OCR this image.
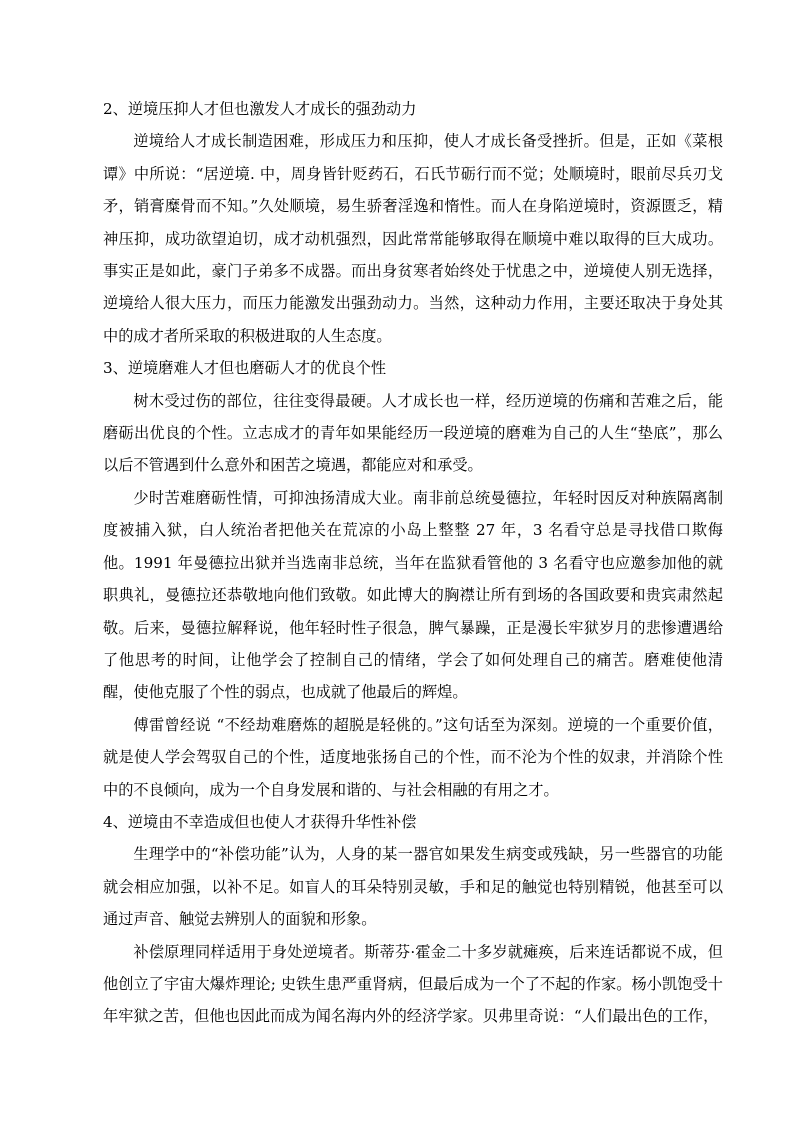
2、逆境压抑人才但也激发人才成长的强劲动力

逆境给人才成长制造困难，形成压力和压抑，使人才成长备受挫折。但是，正如《菜根谭》中所说：“居逆境. 中，周身皆针贬药石，石氏节砺行而不觉；处顺境时，眼前尽兵刃戈矛，销膏糜骨而不知。”久处顺境，易生骄奢淫逸和惰性。而人在身陷逆境时，资源匮乏，精神压抑，成功欲望迫切，成才动机强烈，因此常常能够取得在顺境中难以取得的巨大成功。事实正是如此，豪门子弟多不成器。而出身贫寒者始终处于忧患之中，逆境使人别无选择，逆境给人很大压力，而压力能激发出强劲动力。当然，这种动力作用，主要还取决于身处其中的成才者所采取的积极进取的人生态度。

3、逆境磨难人才但也磨砺人才的优良个性

树木受过伤的部位，往往变得最硬。人才成长也一样，经历逆境的伤痛和苦难之后，能磨砺出优良的个性。立志成才的青年如果能经历一段逆境的磨难为自己的人生“垫底”，那么以后不管遇到什么意外和困苦之境遇，都能应对和承受。

少时苦难磨砺性情，可抑浊扬清成大业。南非前总统曼德拉，年轻时因反对种族隔离制度被捕入狱，白人统治者把他关在荒凉的小岛上整整 27 年，3 名看守总是寻找借口欺侮他。1991 年曼德拉出狱并当选南非总统，当年在监狱看管他的 3 名看守也应邀参加他的就职典礼，曼德拉还恭敬地向他们致敬。如此博大的胸襟让所有到场的各国政要和贵宾肃然起敬。后来，曼德拉解释说，他年轻时性子很急，脾气暴躁，正是漫长牢狱岁月的悲惨遭遇给了他思考的时间，让他学会了控制自己的情绪，学会了如何处理自己的痛苦。磨难使他清醒，使他克服了个性的弱点，也成就了他最后的辉煌。

傅雷曾经说 “不经劫难磨炼的超脱是轻佻的。”这句话至为深刻。逆境的一个重要价值，就是使人学会驾驭自己的个性，适度地张扬自己的个性，而不沦为个性的奴隶，并消除个性中的不良倾向，成为一个自身发展和谐的、与社会相融的有用之才。

4、逆境由不幸造成但也使人才获得升华性补偿

生理学中的“补偿功能”认为，人身的某一器官如果发生病变或残缺，另一些器官的功能就会相应加强，以补不足。如盲人的耳朵特别灵敏，手和足的触觉也特别精锐，他甚至可以通过声音、触觉去辨别人的面貌和形象。

补偿原理同样适用于身处逆境者。斯蒂芬·霍金二十多岁就瘫痪，后来连话都说不成，但他创立了宇宙大爆炸理论; 史铁生患严重肾病，但最后成为一个了不起的作家。杨小凯饱受十年牢狱之苦，但他也因此而成为闻名海内外的经济学家。贝弗里奇说：“人们最出色的工作，
